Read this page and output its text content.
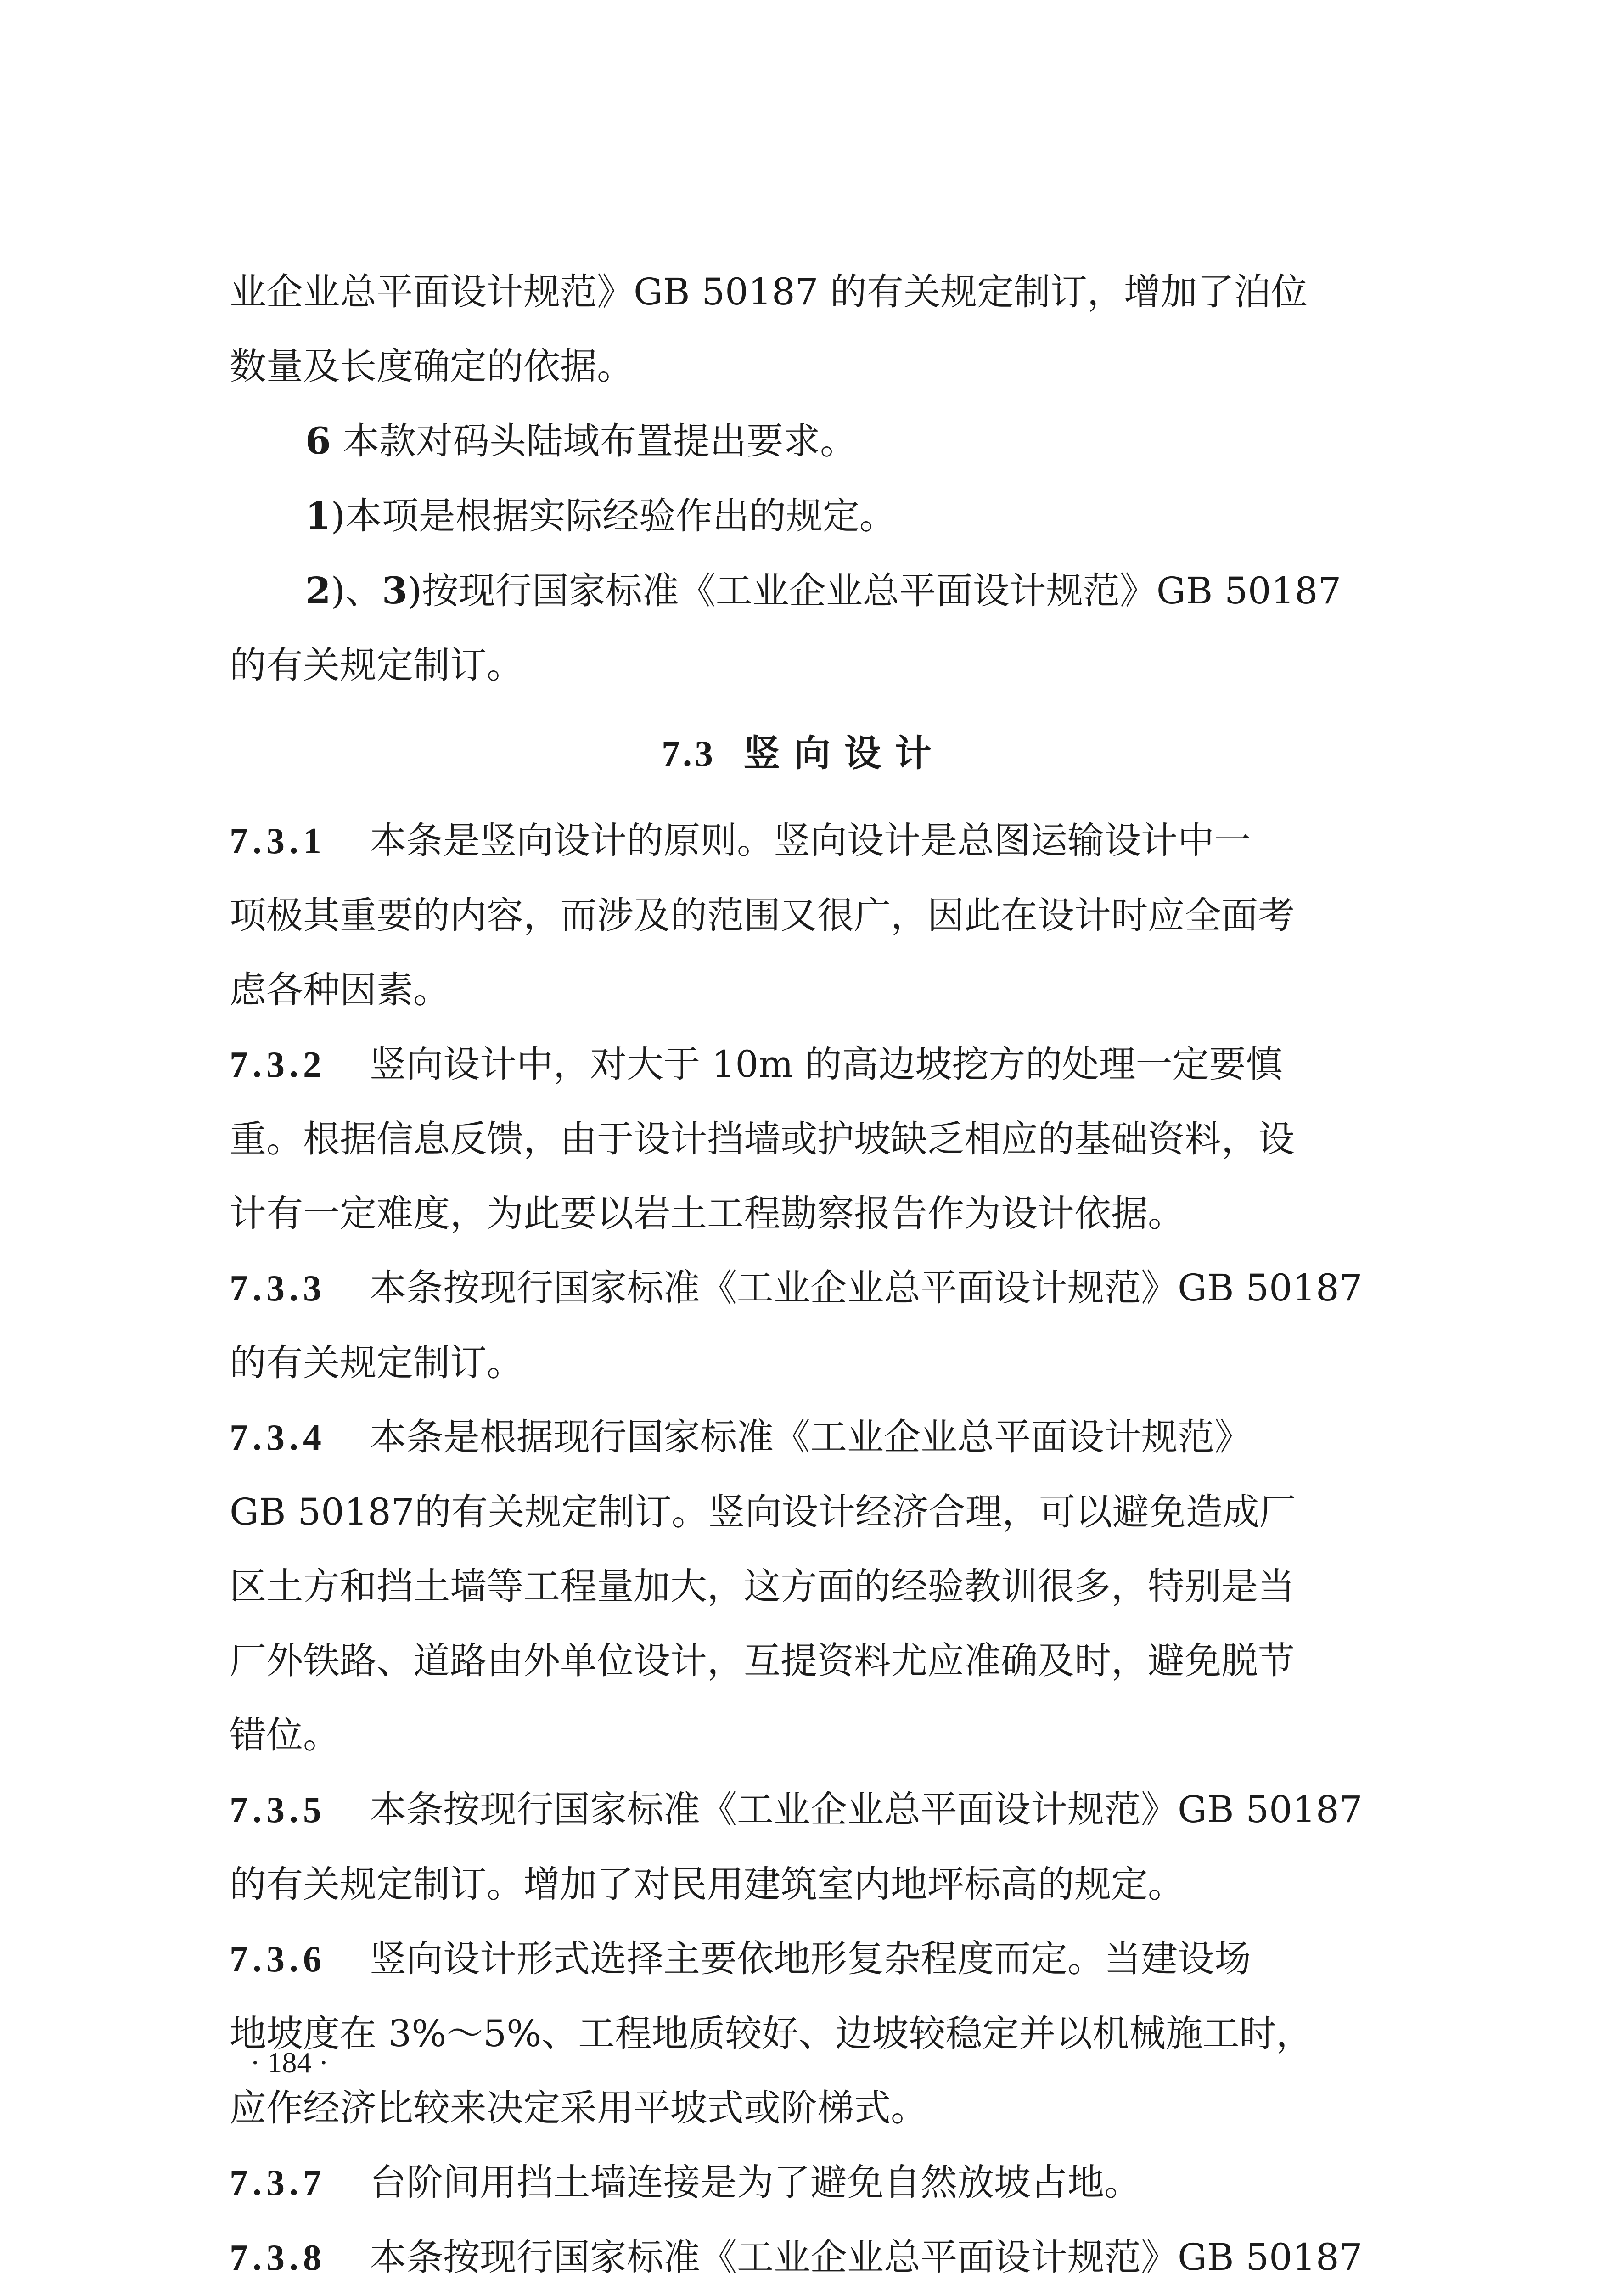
业企业总平面设计规范》GB 50187 的有关规定制订，增加了泊位
数量及长度确定的依据。
6 本款对码头陆域布置提出要求。
1)本项是根据实际经验作出的规定。
2)、3)按现行国家标准《工业企业总平面设计规范》GB 50187
的有关规定制订。
7.3 竖向设计
7.3.1 本条是竖向设计的原则。竖向设计是总图运输设计中一
项极其重要的内容，而涉及的范围又很广，因此在设计时应全面考
虑各种因素。
7.3.2 竖向设计中，对大于 10m 的高边坡挖方的处理一定要慎
重。根据信息反馈，由于设计挡墙或护坡缺乏相应的基础资料，设
计有一定难度，为此要以岩土工程勘察报告作为设计依据。
7.3.3 本条按现行国家标准《工业企业总平面设计规范》GB 50187
的有关规定制订。
7.3.4 本条是根据现行国家标准《工业企业总平面设计规范》
GB 50187的有关规定制订。竖向设计经济合理，可以避免造成厂
区土方和挡土墙等工程量加大，这方面的经验教训很多，特别是当
厂外铁路、道路由外单位设计，互提资料尤应准确及时，避免脱节
错位。
7.3.5 本条按现行国家标准《工业企业总平面设计规范》GB 50187
的有关规定制订。增加了对民用建筑室内地坪标高的规定。
7.3.6 竖向设计形式选择主要依地形复杂程度而定。当建设场
地坡度在 3%～5%、工程地质较好、边坡较稳定并以机械施工时，
应作经济比较来决定采用平坡式或阶梯式。
7.3.7 台阶间用挡土墙连接是为了避免自然放坡占地。
7.3.8 本条按现行国家标准《工业企业总平面设计规范》GB 50187
· 184 ·
